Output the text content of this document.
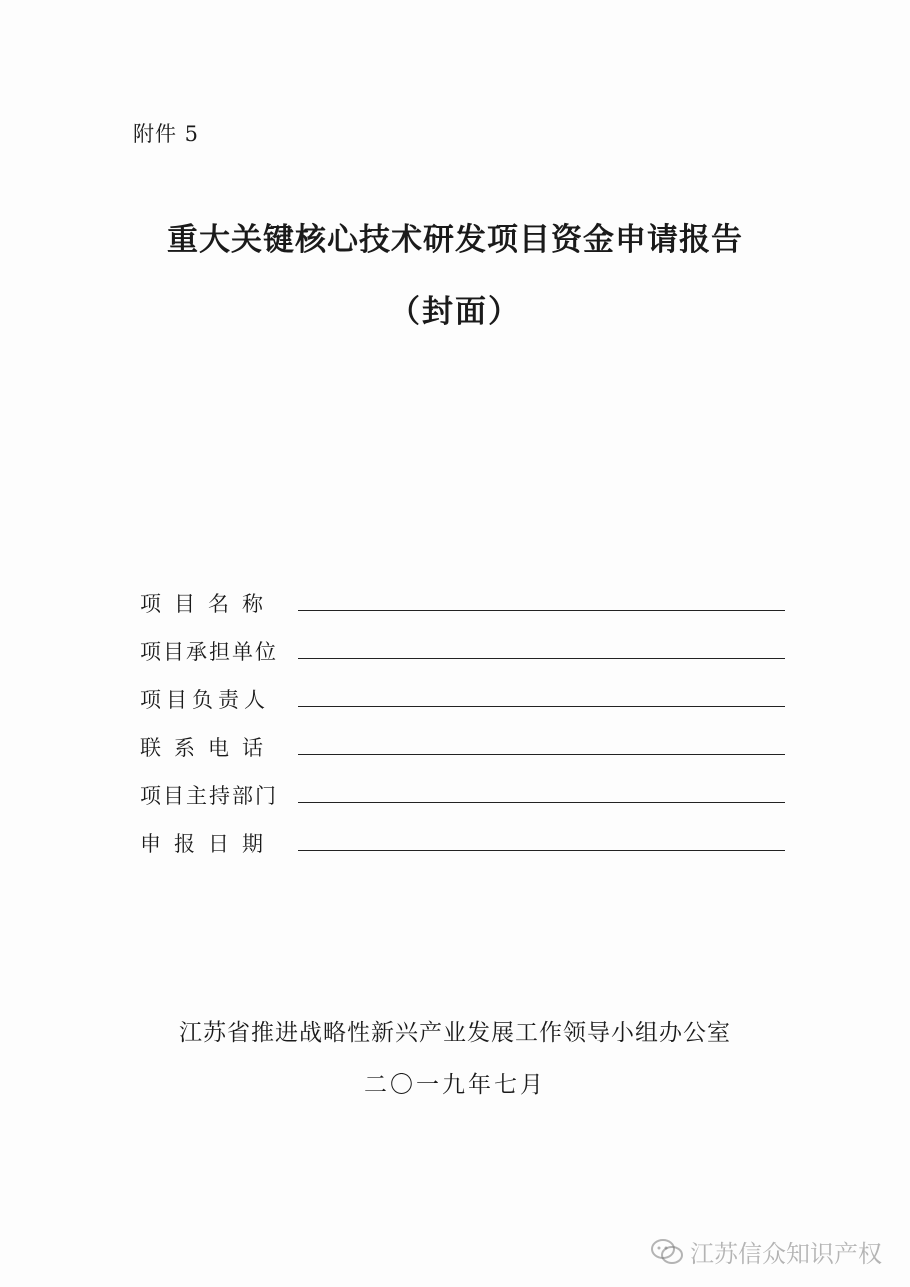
附件 5
重大关键核心技术研发项目资金申请报告
（封面）
项目名称
项目承担单位
项目负责人
联系电话
项目主持部门
申报日期
江苏省推进战略性新兴产业发展工作领导小组办公室
二〇一九年七月
江苏信众知识产权
